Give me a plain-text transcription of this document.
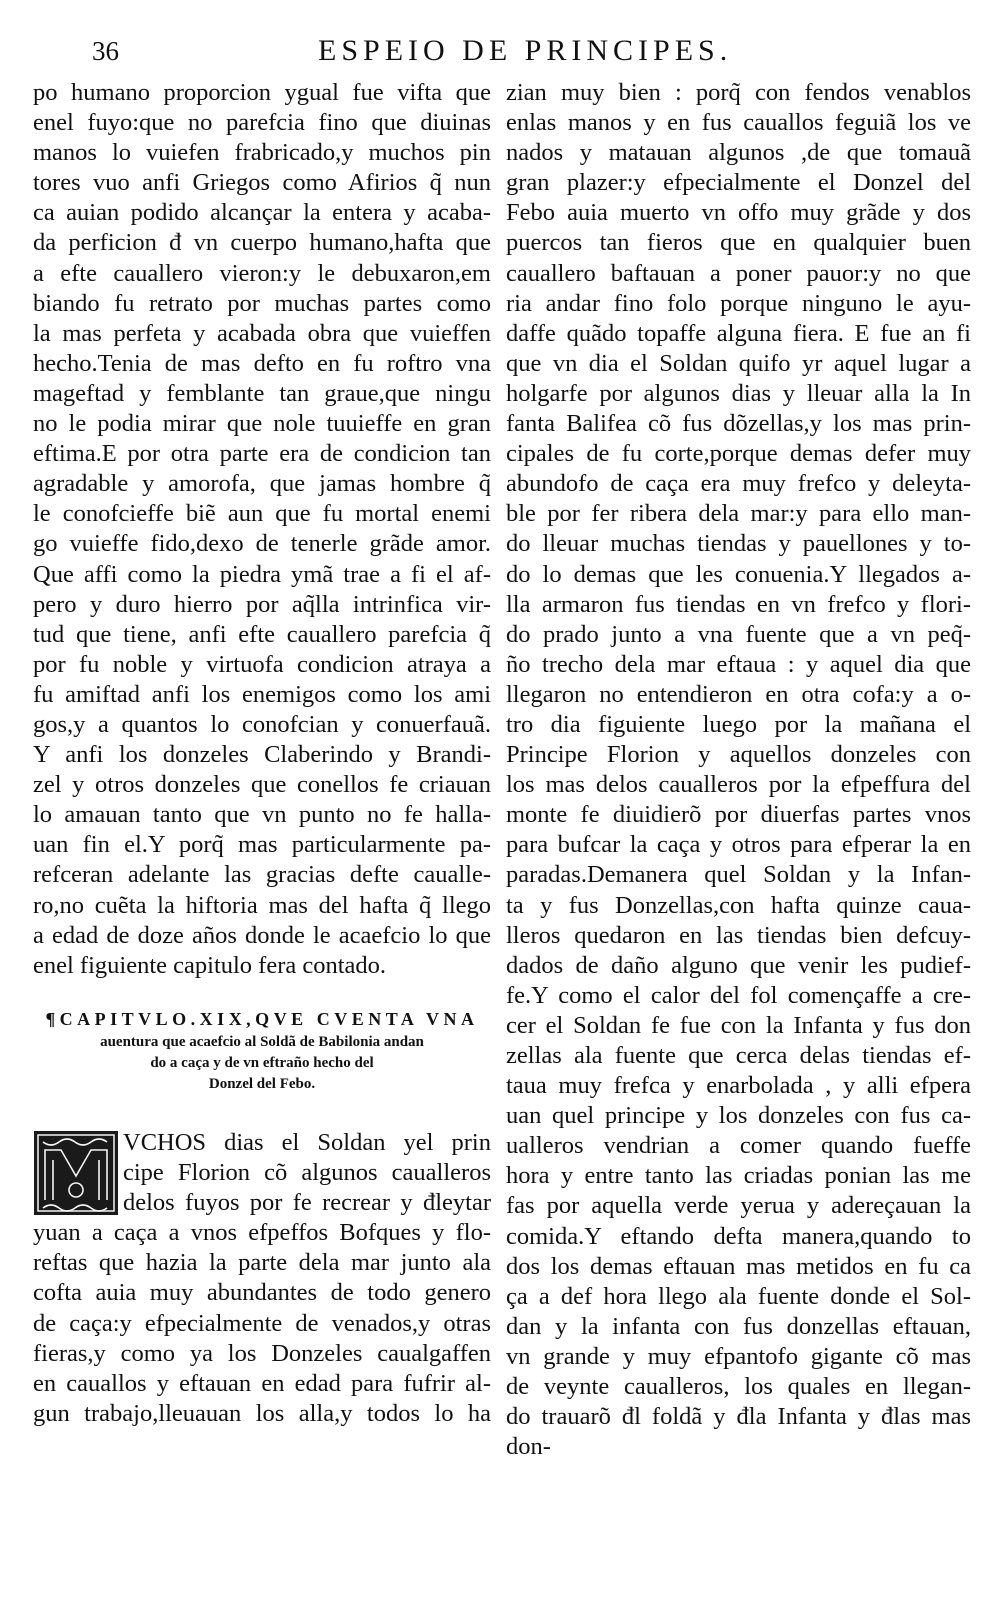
36	ESPEIO DE PRINCIPES.
po humano proporcion ygual fue vifta que
enel fuyo:que no parefcia fino que diuinas
manos lo vuiefen frabricado,y muchos pin
tores vuo anfi Griegos como Afirios q̃ nun
ca auian podido alcançar la entera y acaba-
da perficion đ vn cuerpo humano,hafta que
a efte cauallero vieron:y le debuxaron,em
biando fu retrato por muchas partes como
la mas perfeta y acabada obra que vuieffen
hecho.Tenia de mas defto en fu roftro vna
mageftad y femblante tan graue,que ningu
no le podia mirar que nole tuuieffe en gran
eftima.E por otra parte era de condicion tan
agradable y amorofa, que jamas hombre q̃
le conofcieffe biẽ aun que fu mortal enemi
go vuieffe fido,dexo de tenerle grãde amor.
Que affi como la piedra ymã trae a fi el af-
pero y duro hierro por aq̃lla intrinfica vir-
tud que tiene, anfi efte cauallero parefcia q̃
por fu noble y virtuofa condicion atraya a
fu amiftad anfi los enemigos como los ami
gos,y a quantos lo conofcian y conuerfauã.
Y anfi los donzeles Claberindo y Brandi-
zel y otros donzeles que conellos fe criauan
lo amauan tanto que vn punto no fe halla-
uan fin el.Y porq̃ mas particularmente pa-
refceran adelante las gracias defte caualle-
ro,no cuẽta la hiftoria mas del hafta q̃ llego
a edad de doze años donde le acaefcio lo que
enel figuiente capitulo fera contado.
¶CAPITVLO.XIX,QVE CVENTA VNA
auentura que acaefcio al Soldã de Babilonia andan
do a caça y de vn eftraño hecho del
Donzel del Febo.
M
VCHOS dias el Soldan yel prin
cipe Florion cõ algunos caualleros
delos fuyos por fe recrear y đleytar
yuan a caça a vnos efpeffos Bofques y flo-
reftas que hazia la parte dela mar junto ala
cofta auia muy abundantes de todo genero
de caça:y efpecialmente de venados,y otras
fieras,y como ya los Donzeles caualgaffen
en cauallos y eftauan en edad para fufrir al-
gun trabajo,lleuauan los alla,y todos lo ha
zian muy bien : porq̃ con fendos venablos
enlas manos y en fus cauallos feguiã los ve
nados y matauan algunos ,de que tomauã
gran plazer:y efpecialmente el Donzel del
Febo auia muerto vn offo muy grãde y dos
puercos tan fieros que en qualquier buen
cauallero baftauan a poner pauor:y no que
ria andar fino folo porque ninguno le ayu-
daffe quãdo topaffe alguna fiera. E fue an fi
que vn dia el Soldan quifo yr aquel lugar a
holgarfe por algunos dias y lleuar alla la In
fanta Balifea cõ fus dõzellas,y los mas prin-
cipales de fu corte,porque demas defer muy
abundofo de caça era muy frefco y deleyta-
ble por fer ribera dela mar:y para ello man-
do lleuar muchas tiendas y pauellones y to-
do lo demas que les conuenia.Y llegados a-
lla armaron fus tiendas en vn frefco y flori-
do prado junto a vna fuente que a vn peq̃-
ño trecho dela mar eftaua : y aquel dia que
llegaron no entendieron en otra cofa:y a o-
tro dia figuiente luego por la mañana el
Principe Florion y aquellos donzeles con
los mas delos caualleros por la efpeffura del
monte fe diuidierõ por diuerfas partes vnos
para bufcar la caça y otros para efperar la en
paradas.Demanera quel Soldan y la Infan-
ta y fus Donzellas,con hafta quinze caua-
lleros quedaron en las tiendas bien defcuy-
dados de daño alguno que venir les pudief-
fe.Y como el calor del fol començaffe a cre-
cer el Soldan fe fue con la Infanta y fus don
zellas ala fuente que cerca delas tiendas ef-
taua muy frefca y enarbolada , y alli efpera
uan quel principe y los donzeles con fus ca-
ualleros vendrian a comer quando fueffe
hora y entre tanto las criadas ponian las me
fas por aquella verde yerua y adereçauan la
comida.Y eftando defta manera,quando to
dos los demas eftauan mas metidos en fu ca
ça a def hora llego ala fuente donde el Sol-
dan y la infanta con fus donzellas eftauan,
vn grande y muy efpantofo gigante cõ mas
de veynte caualleros, los quales en llegan-
do trauarõ đl foldã y đla Infanta y đlas mas
don-
